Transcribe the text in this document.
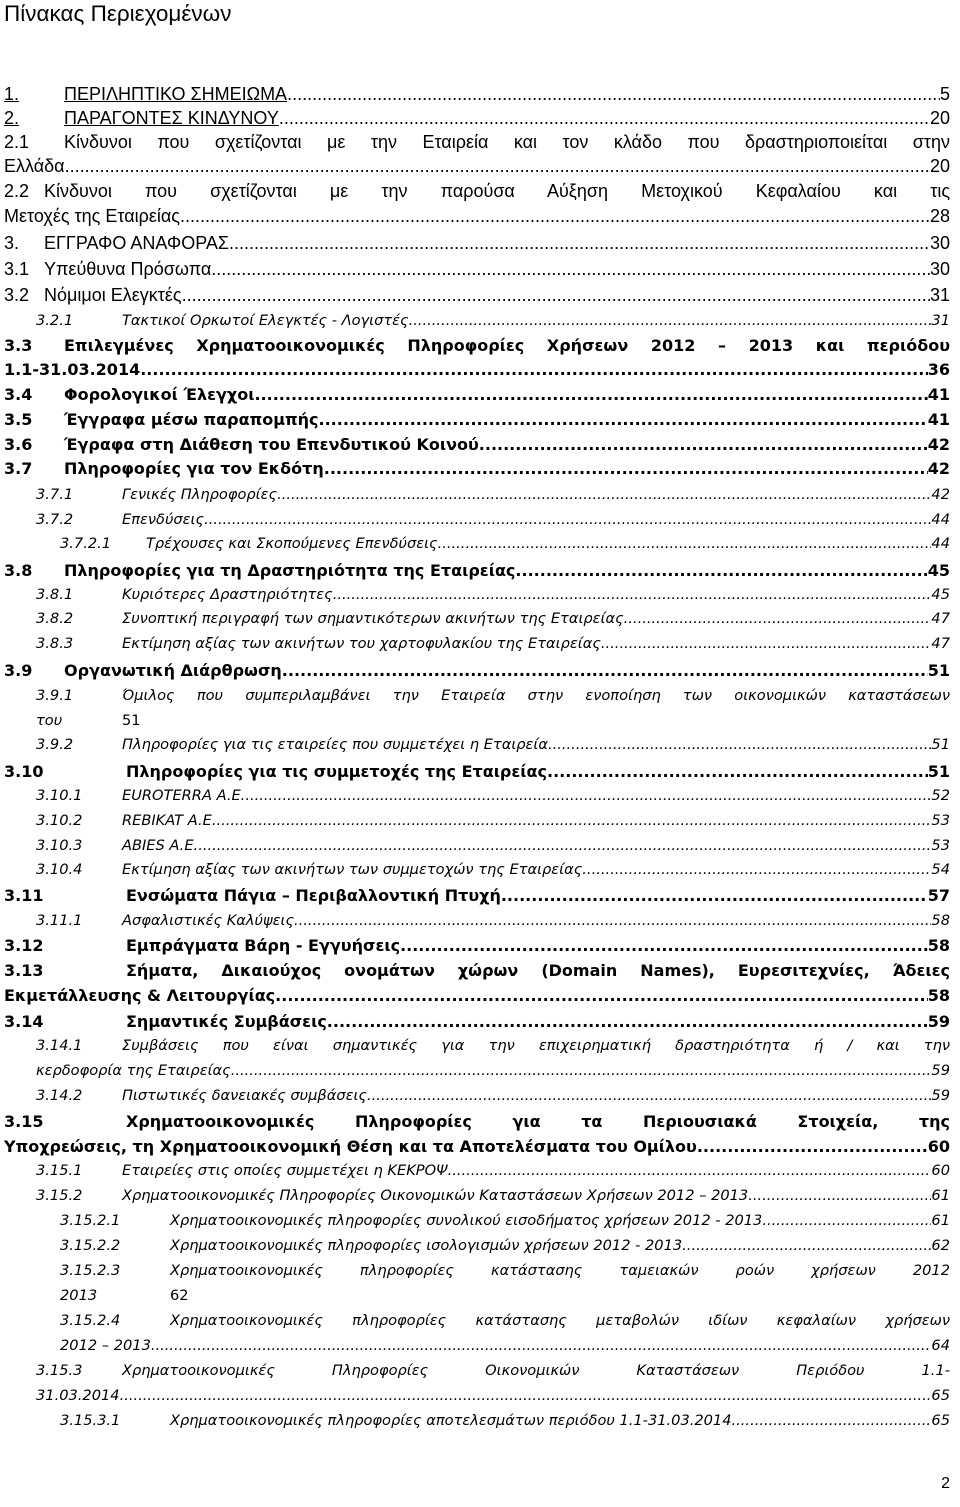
Πίνακας Περιεχομένων
1.	ΠΕΡΙΛΗΠΤΙΚΟ ΣΗΜΕΙΩΜΑ .....	5
2.	ΠΑΡΑΓΟΝΤΕΣ ΚΙΝΔΥΝΟΥ .....	20
2.1	Κίνδυνοι που σχετίζονται με την Εταιρεία και τον κλάδο που δραστηριοποιείται στην
Ελλάδα .....	20
2.2 Κίνδυνοι που σχετίζονται με την παρούσα Αύξηση Μετοχικού Κεφαλαίου και τις
Μετοχές της Εταιρείας .....	28
3.	ΕΓΓΡΑΦΟ ΑΝΑΦΟΡΑΣ .....	30
3.1 Υπεύθυνα Πρόσωπα .....	30
3.2 Νόμιμοι Ελεγκτές .....	31
3.2.1	Τακτικοί Ορκωτοί Ελεγκτές - Λογιστές .....	31
3.3	Επιλεγμένες Χρηματοοικονομικές Πληροφορίες Χρήσεων 2012 – 2013 και περιόδου
1.1-31.03.2014 .....	36
3.4	Φορολογικοί Έλεγχοι .....	41
3.5	Έγγραφα μέσω παραπομπής .....	41
3.6	Έγραφα στη Διάθεση του Επενδυτικού Κοινού .....	42
3.7	Πληροφορίες για τον Εκδότη .....	42
3.7.1	Γενικές Πληροφορίες .....	42
3.7.2	Επενδύσεις .....	44
3.7.2.1	Τρέχουσες και Σκοπούμενες Επενδύσεις .....	44
3.8	Πληροφορίες για τη Δραστηριότητα της Εταιρείας .....	45
3.8.1	Κυριότερες Δραστηριότητες .....	45
3.8.2	Συνοπτική περιγραφή των σημαντικότερων ακινήτων της Εταιρείας .....	47
3.8.3	Εκτίμηση αξίας των ακινήτων του χαρτοφυλακίου της Εταιρείας .....	47
3.9	Οργανωτική Διάρθρωση .....	51
3.9.1	Όμιλος που συμπεριλαμβάνει την Εταιρεία στην ενοποίηση των οικονομικών καταστάσεων
του	51
3.9.2	Πληροφορίες για τις εταιρείες που συμμετέχει η Εταιρεία. .....	51
3.10	Πληροφορίες για τις συμμετοχές της Εταιρείας .....	51
3.10.1	EUROTERRA A.E. .....	52
3.10.2	REBIKAT A.E. .....	53
3.10.3	ABIES A.E. .....	53
3.10.4	Εκτίμηση αξίας των ακινήτων των συμμετοχών της Εταιρείας .....	54
3.11	Ενσώματα Πάγια – Περιβαλλοντική Πτυχή .....	57
3.11.1	Ασφαλιστικές Καλύψεις .....	58
3.12	Εμπράγματα Βάρη - Εγγυήσεις .....	58
3.13	Σήματα, Δικαιούχος ονομάτων χώρων (Domain Names), Ευρεσιτεχνίες, Άδειες
Εκμετάλλευσης & Λειτουργίας .....	58
3.14	Σημαντικές Συμβάσεις .....	59
3.14.1	Συμβάσεις που είναι σημαντικές για την επιχειρηματική δραστηριότητα ή / και την
κερδοφορία της Εταιρείας .....	59
3.14.2	Πιστωτικές δανειακές συμβάσεις .....	59
3.15	Χρηματοοικονομικές Πληροφορίες για τα Περιουσιακά Στοιχεία, της
Υποχρεώσεις, τη Χρηματοοικονομική Θέση και τα Αποτελέσματα του Ομίλου .....	60
3.15.1	Εταιρείες στις οποίες συμμετέχει η ΚΕΚΡΟΨ .....	60
3.15.2	Χρηματοοικονομικές Πληροφορίες Οικονομικών Καταστάσεων Χρήσεων 2012 – 2013 .....	61
3.15.2.1	Χρηματοοικονομικές πληροφορίες συνολικού εισοδήματος χρήσεων 2012 - 2013 .....	61
3.15.2.2	Χρηματοοικονομικές πληροφορίες ισολογισμών χρήσεων 2012 - 2013 .....	62
3.15.2.3	Χρηματοοικονομικές πληροφορίες κατάστασης ταμειακών ροών χρήσεων 2012
2013	62
3.15.2.4	Χρηματοοικονομικές πληροφορίες κατάστασης μεταβολών ιδίων κεφαλαίων χρήσεων
2012 – 2013 .....	64
3.15.3	Χρηματοοικονομικές Πληροφορίες Οικονομικών Καταστάσεων Περιόδου 1.1-
31.03.2014 .....	65
3.15.3.1	Χρηματοοικονομικές πληροφορίες αποτελεσμάτων περιόδου 1.1-31.03.2014 .....	65
2
